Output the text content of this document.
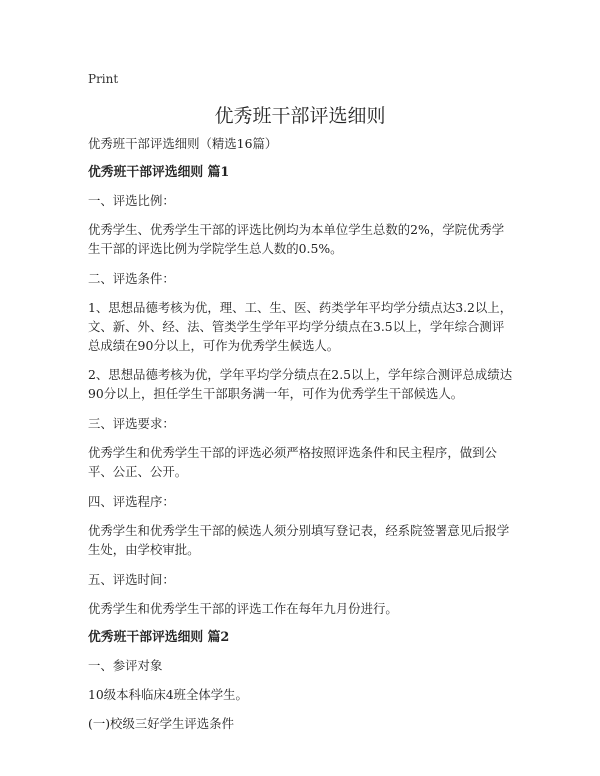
Print
优秀班干部评选细则

优秀班干部评选细则（精选16篇）

优秀班干部评选细则 篇1

一、评选比例：

优秀学生、优秀学生干部的评选比例均为本单位学生总数的2%，学院优秀学生干部的评选比例为学院学生总人数的0.5%。

二、评选条件：

1、思想品德考核为优，理、工、生、医、药类学年平均学分绩点达3.2以上，文、新、外、经、法、管类学生学年平均学分绩点在3.5以上，学年综合测评总成绩在90分以上，可作为优秀学生候选人。

2、思想品德考核为优，学年平均学分绩点在2.5以上，学年综合测评总成绩达90分以上，担任学生干部职务满一年，可作为优秀学生干部候选人。

三、评选要求：

优秀学生和优秀学生干部的评选必须严格按照评选条件和民主程序，做到公平、公正、公开。

四、评选程序：

优秀学生和优秀学生干部的候选人须分别填写登记表，经系院签署意见后报学生处，由学校审批。

五、评选时间：

优秀学生和优秀学生干部的评选工作在每年九月份进行。

优秀班干部评选细则 篇2

一、参评对象

10级本科临床4班全体学生。

(一)校级三好学生评选条件
